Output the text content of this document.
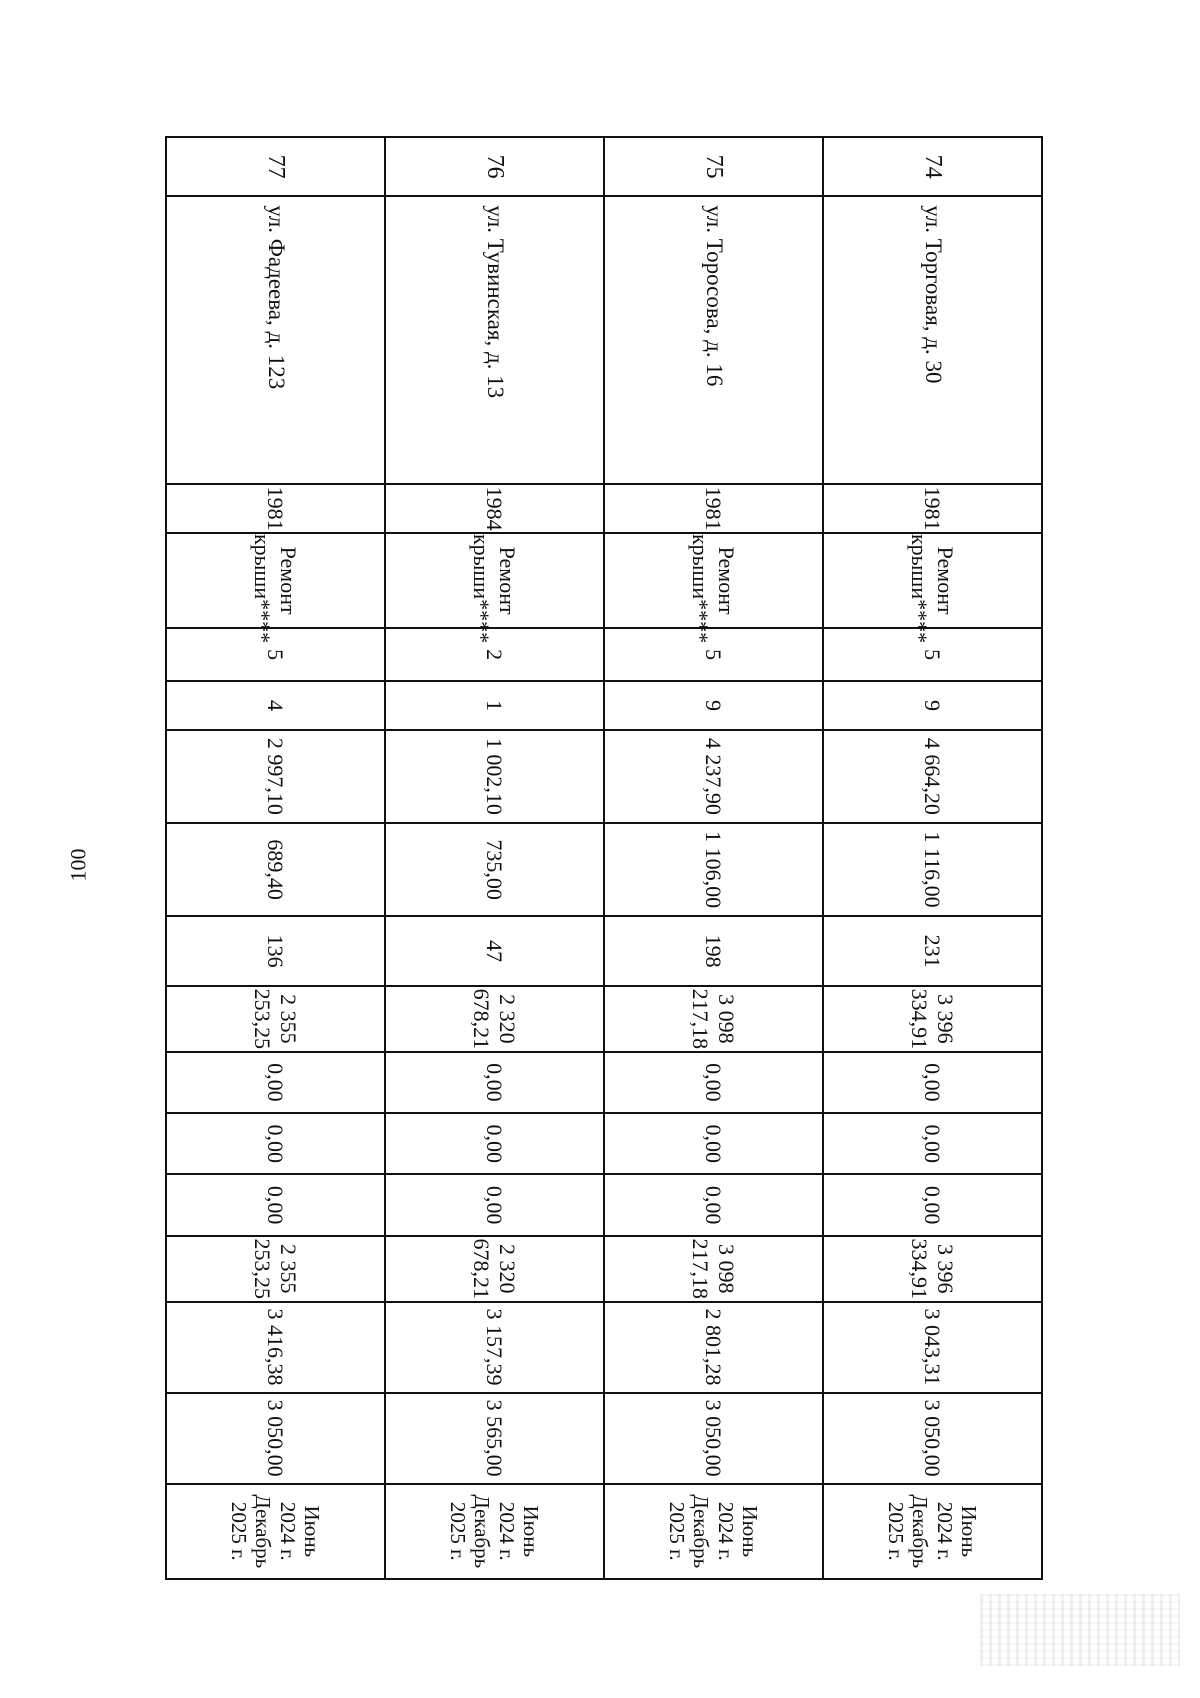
100
74	ул. Торговая, д. 30	1981	Ремонт крыши****	5	9	4 664,20	1 116,00	231	3 396 334,91	0,00	0,00	0,00	3 396 334,91	3 043,31	3 050,00	Июнь 2024 г.
Декабрь 2025 г.

75	ул. Торосова, д. 16	1981	Ремонт крыши****	5	9	4 237,90	1 106,00	198	3 098 217,18	0,00	0,00	0,00	3 098 217,18	2 801,28	3 050,00	Июнь 2024 г.
Декабрь 2025 г.

76	ул. Тувинская, д. 13	1984	Ремонт крыши****	2	1	1 002,10	735,00	47	2 320 678,21	0,00	0,00	0,00	2 320 678,21	3 157,39	3 565,00	Июнь 2024 г.
Декабрь 2025 г.

77	ул. Фадеева, д. 123	1981	Ремонт крыши****	5	4	2 997,10	689,40	136	2 355 253,25	0,00	0,00	0,00	2 355 253,25	3 416,38	3 050,00	Июнь 2024 г.
Декабрь 2025 г.
